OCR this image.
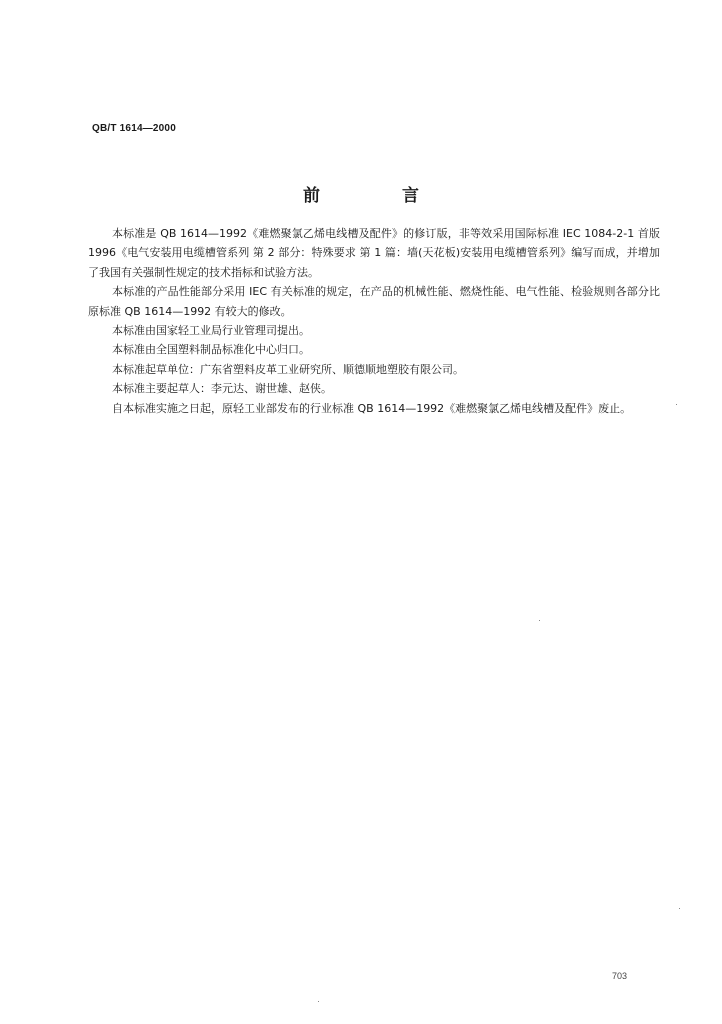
QB/T 1614—2000
前 言

本标准是 QB 1614—1992《难燃聚氯乙烯电线槽及配件》的修订版，非等效采用国际标准 IEC 1084-2-1 首版 1996《电气安装用电缆槽管系列 第 2 部分：特殊要求 第 1 篇：墙(天花板)安装用电缆槽管系列》编写而成，并增加了我国有关强制性规定的技术指标和试验方法。

本标准的产品性能部分采用 IEC 有关标准的规定，在产品的机械性能、燃烧性能、电气性能、检验规则各部分比原标准 QB 1614—1992 有较大的修改。

本标准由国家轻工业局行业管理司提出。

本标准由全国塑料制品标准化中心归口。

本标准起草单位：广东省塑料皮革工业研究所、顺德顺地塑胶有限公司。

本标准主要起草人：李元达、谢世雄、赵侠。

自本标准实施之日起，原轻工业部发布的行业标准 QB 1614—1992《难燃聚氯乙烯电线槽及配件》废止。

703
